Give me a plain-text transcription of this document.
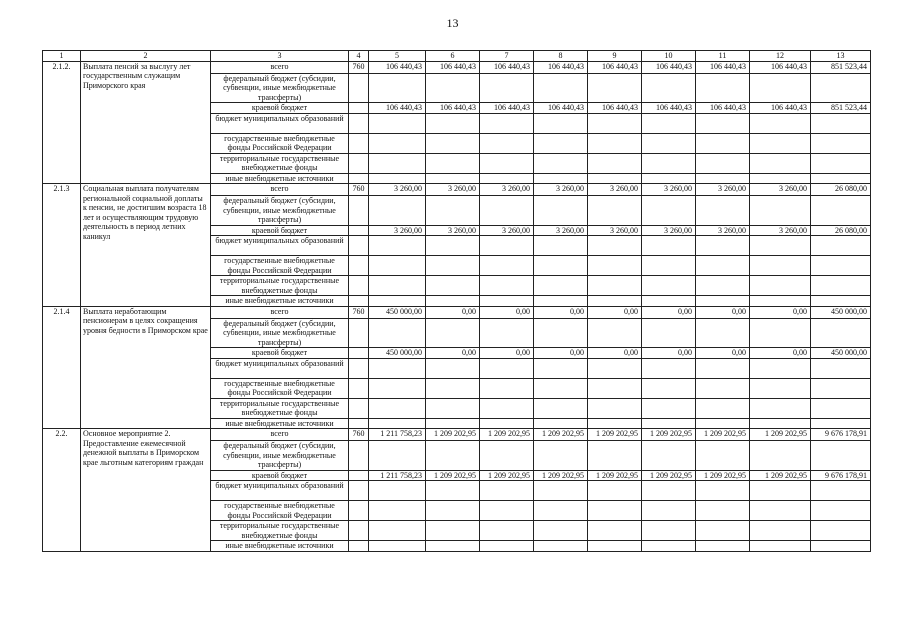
13
1	2	3	4	5	6	7	8	9	10	11	12	13
2.1.2.	Выплата пенсий за выслугу лет государственным служащим Приморского края	всего	760	106 440,43	106 440,43	106 440,43	106 440,43	106 440,43	106 440,43	106 440,43	106 440,43	851 523,44
		федеральный бюджет (субсидии, субвенции, иные межбюджетные трансферты)										
		краевой бюджет		106 440,43	106 440,43	106 440,43	106 440,43	106 440,43	106 440,43	106 440,43	106 440,43	851 523,44
		бюджет муниципальных образований										
		государственные внебюджетные фонды Российской Федерации										
		территориальные государственные внебюджетные фонды										
		иные внебюджетные источники										
2.1.3	Социальная выплата получателям региональной социальной доплаты к пенсии, не достигшим возраста 18 лет и осуществляющим трудовую деятельность в период летних каникул	всего	760	3 260,00	3 260,00	3 260,00	3 260,00	3 260,00	3 260,00	3 260,00	3 260,00	26 080,00
		федеральный бюджет (субсидии, субвенции, иные межбюджетные трансферты)										
		краевой бюджет		3 260,00	3 260,00	3 260,00	3 260,00	3 260,00	3 260,00	3 260,00	3 260,00	26 080,00
		бюджет муниципальных образований										
		государственные внебюджетные фонды Российской Федерации										
		территориальные государственные внебюджетные фонды										
		иные внебюджетные источники										
2.1.4	Выплата неработающим пенсионерам в целях сокращения уровня бедности в Приморском крае	всего	760	450 000,00	0,00	0,00	0,00	0,00	0,00	0,00	0,00	450 000,00
		федеральный бюджет (субсидии, субвенции, иные межбюджетные трансферты)										
		краевой бюджет		450 000,00	0,00	0,00	0,00	0,00	0,00	0,00	0,00	450 000,00
		бюджет муниципальных образований										
		государственные внебюджетные фонды Российской Федерации										
		территориальные государственные внебюджетные фонды										
		иные внебюджетные источники										
2.2.	Основное мероприятие 2. Предоставление ежемесячной денежной выплаты в Приморском крае льготным категориям граждан	всего	760	1 211 758,23	1 209 202,95	1 209 202,95	1 209 202,95	1 209 202,95	1 209 202,95	1 209 202,95	1 209 202,95	9 676 178,91
		федеральный бюджет (субсидии, субвенции, иные межбюджетные трансферты)										
		краевой бюджет		1 211 758,23	1 209 202,95	1 209 202,95	1 209 202,95	1 209 202,95	1 209 202,95	1 209 202,95	1 209 202,95	9 676 178,91
		бюджет муниципальных образований										
		государственные внебюджетные фонды Российской Федерации										
		территориальные государственные внебюджетные фонды										
		иные внебюджетные источники										
